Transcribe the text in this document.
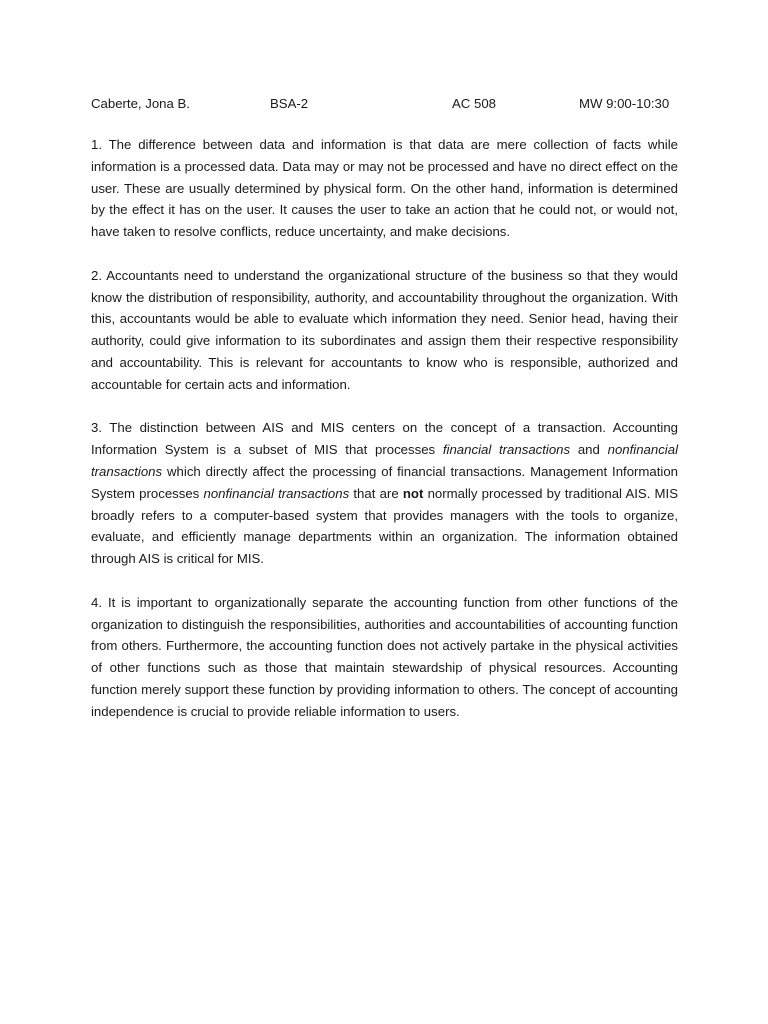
Caberte, Jona B.	BSA-2	AC 508	MW 9:00-10:30

1. The difference between data and information is that data are mere collection of facts while information is a processed data. Data may or may not be processed and have no direct effect on the user. These are usually determined by physical form. On the other hand, information is determined by the effect it has on the user. It causes the user to take an action that he could not, or would not, have taken to resolve conflicts, reduce uncertainty, and make decisions.

2. Accountants need to understand the organizational structure of the business so that they would know the distribution of responsibility, authority, and accountability throughout the organization. With this, accountants would be able to evaluate which information they need. Senior head, having their authority, could give information to its subordinates and assign them their respective responsibility and accountability. This is relevant for accountants to know who is responsible, authorized and accountable for certain acts and information.

3. The distinction between AIS and MIS centers on the concept of a transaction. Accounting Information System is a subset of MIS that processes financial transactions and nonfinancial transactions which directly affect the processing of financial transactions. Management Information System processes nonfinancial transactions that are not normally processed by traditional AIS. MIS broadly refers to a computer-based system that provides managers with the tools to organize, evaluate, and efficiently manage departments within an organization. The information obtained through AIS is critical for MIS.

4. It is important to organizationally separate the accounting function from other functions of the organization to distinguish the responsibilities, authorities and accountabilities of accounting function from others. Furthermore, the accounting function does not actively partake in the physical activities of other functions such as those that maintain stewardship of physical resources. Accounting function merely support these function by providing information to others. The concept of accounting independence is crucial to provide reliable information to users.
